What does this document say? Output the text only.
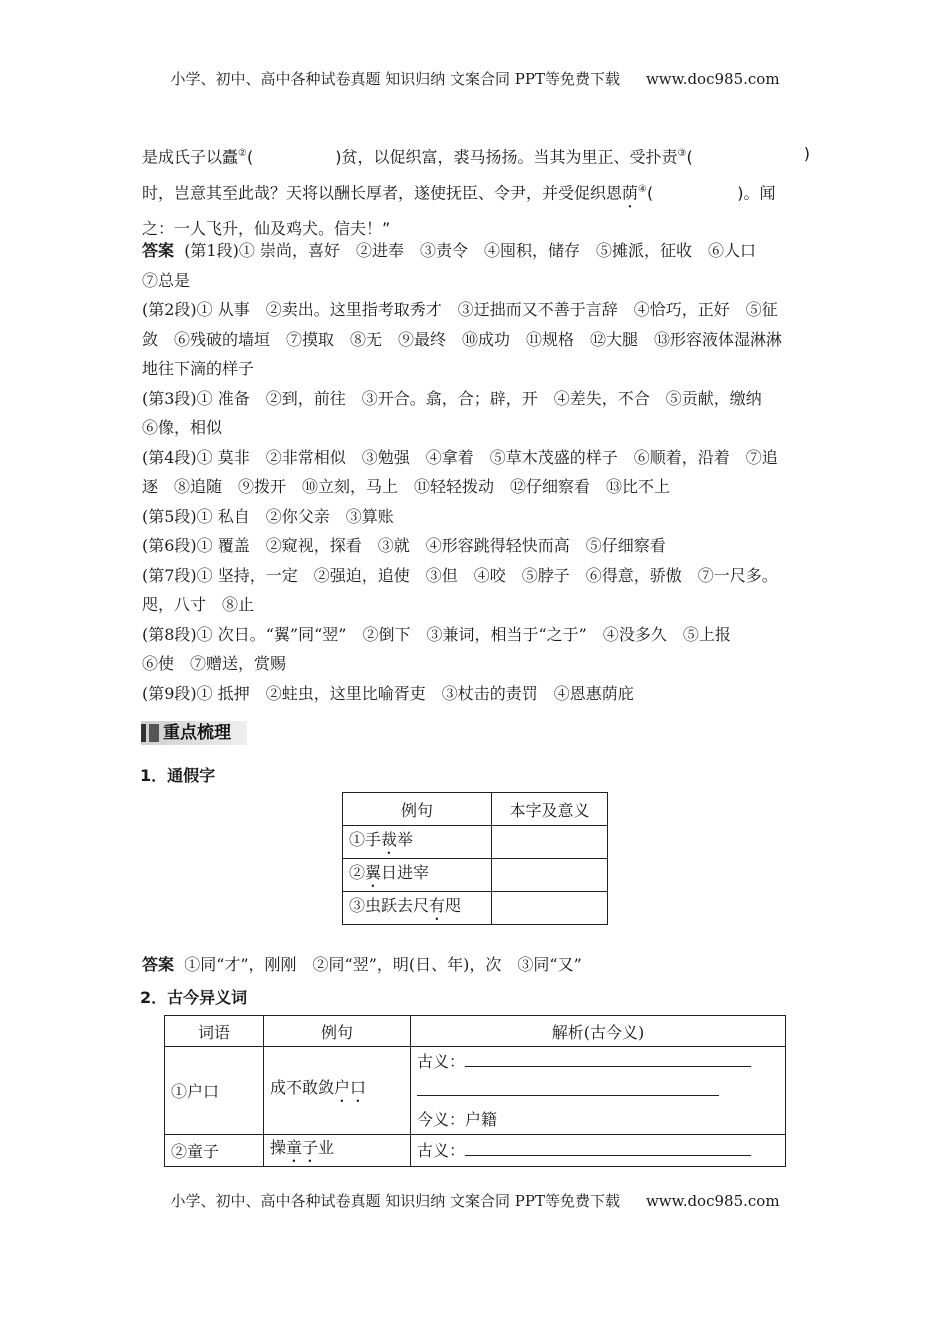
小学、初中、高中各种试卷真题 知识归纳 文案合同 PPT等免费下载 www.doc985.com
是成氏子以蠹②(	)贫，以促织富，裘马扬扬。当其为里正、受扑责③(	)
时，岂意其至此哉？天将以酬长厚者，遂使抚臣、令尹，并受促织恩荫④(	)。闻
之：一人飞升，仙及鸡犬。信夫！”
答案 (第1段)① 崇尚，喜好　②进奉　③责令　④囤积，储存　⑤摊派，征收　⑥人口
⑦总是
(第2段)① 从事　②卖出。这里指考取秀才　③迂拙而又不善于言辞　④恰巧，正好　⑤征
敛　⑥残破的墙垣　⑦摸取　⑧无　⑨最终　⑩成功　⑪规格　⑫大腿　⑬形容液体湿淋淋
地往下滴的样子
(第3段)① 准备　②到，前往　③开合。翕，合；辟，开　④差失，不合　⑤贡献，缴纳
⑥像，相似
(第4段)① 莫非　②非常相似　③勉强　④拿着　⑤草木茂盛的样子　⑥顺着，沿着　⑦追
逐　⑧追随　⑨拨开　⑩立刻，马上　⑪轻轻拨动　⑫仔细察看　⑬比不上
(第5段)① 私自　②你父亲　③算账
(第6段)① 覆盖　②窥视，探看　③就　④形容跳得轻快而高　⑤仔细察看
(第7段)① 坚持，一定　②强迫，追使　③但　④咬　⑤脖子　⑥得意，骄傲　⑦一尺多。
咫，八寸　⑧止
(第8段)① 次日。“翼”同“翌”　②倒下　③兼词，相当于“之于”　④没多久　⑤上报
⑥使　⑦赠送，赏赐
(第9段)① 抵押　②蛀虫，这里比喻胥吏　③杖击的责罚　④恩惠荫庇
重点梳理
1．通假字
例句	本字及意义
①手裁举	
②翼日进宰	
③虫跃去尺有咫	
答案 ①同“才”，刚刚　②同“翌”，明(日、年)，次　③同“又”
2．古今异义词
词语	例句	解析(古今义)
①户口	成不敢敛户口	古义：
今义：户籍

②童子	操童子业	古义：
小学、初中、高中各种试卷真题 知识归纳 文案合同 PPT等免费下载 www.doc985.com
